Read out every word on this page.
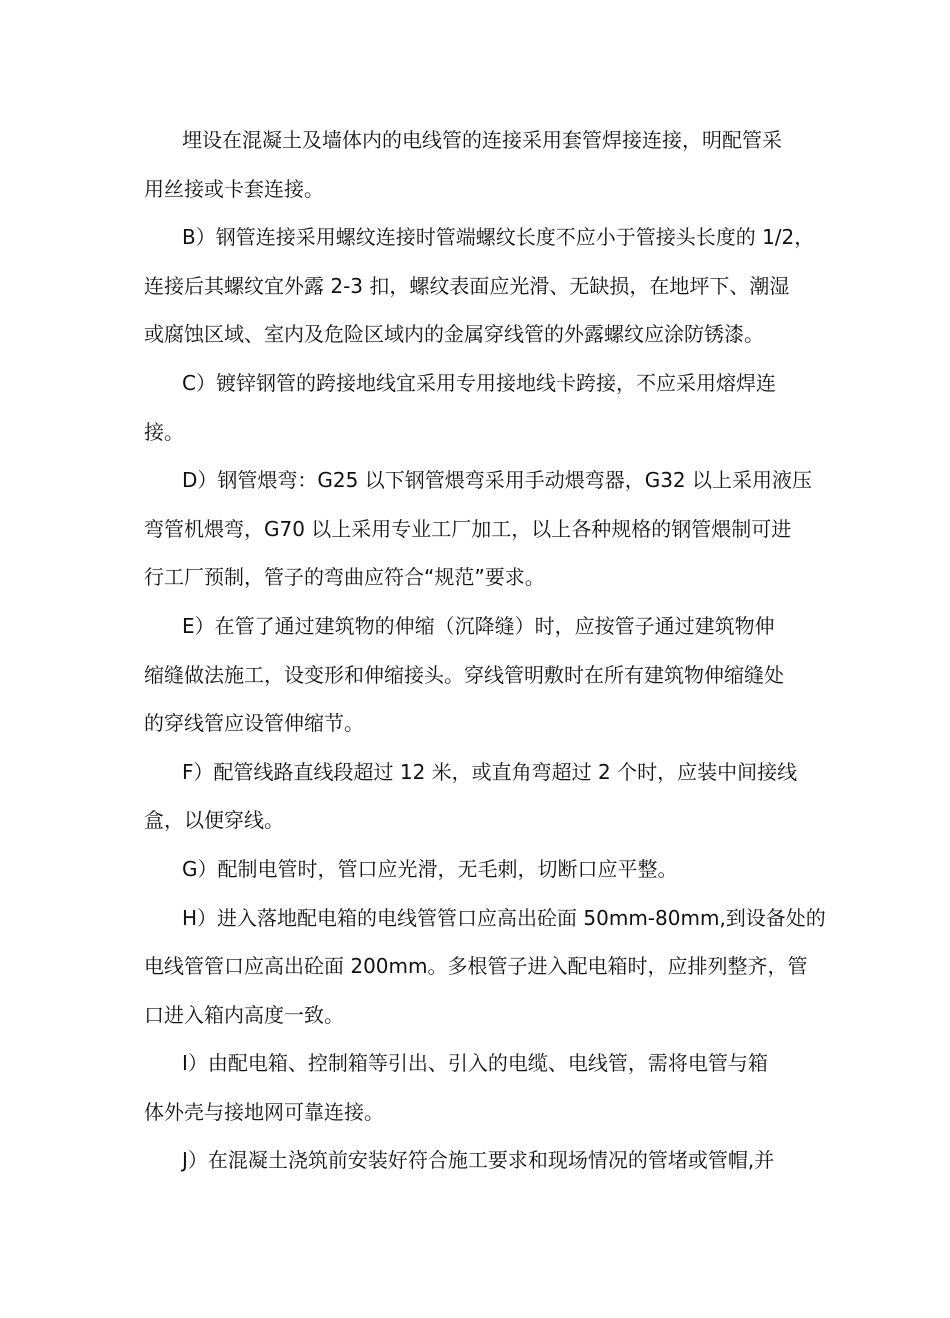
埋设在混凝土及墙体内的电线管的连接采用套管焊接连接，明配管采
用丝接或卡套连接。
B）钢管连接采用螺纹连接时管端螺纹长度不应小于管接头长度的 1/2，
连接后其螺纹宜外露 2-3 扣，螺纹表面应光滑、无缺损，在地坪下、潮湿
或腐蚀区域、室内及危险区域内的金属穿线管的外露螺纹应涂防锈漆。
C）镀锌钢管的跨接地线宜采用专用接地线卡跨接，不应采用熔焊连
接。
D）钢管煨弯：G25 以下钢管煨弯采用手动煨弯器，G32 以上采用液压
弯管机煨弯，G70 以上采用专业工厂加工，以上各种规格的钢管煨制可进
行工厂预制，管子的弯曲应符合“规范”要求。
E）在管了通过建筑物的伸缩（沉降缝）时，应按管子通过建筑物伸
缩缝做法施工，设变形和伸缩接头。穿线管明敷时在所有建筑物伸缩缝处
的穿线管应设管伸缩节。
F）配管线路直线段超过 12 米，或直角弯超过 2 个时，应装中间接线
盒，以便穿线。
G）配制电管时，管口应光滑，无毛刺，切断口应平整。
H）进入落地配电箱的电线管管口应高出砼面 50mm-80mm,到设备处的
电线管管口应高出砼面 200mm。多根管子进入配电箱时，应排列整齐，管
口进入箱内高度一致。
I）由配电箱、控制箱等引出、引入的电缆、电线管，需将电管与箱
体外壳与接地网可靠连接。
J）在混凝土浇筑前安装好符合施工要求和现场情况的管堵或管帽,并
